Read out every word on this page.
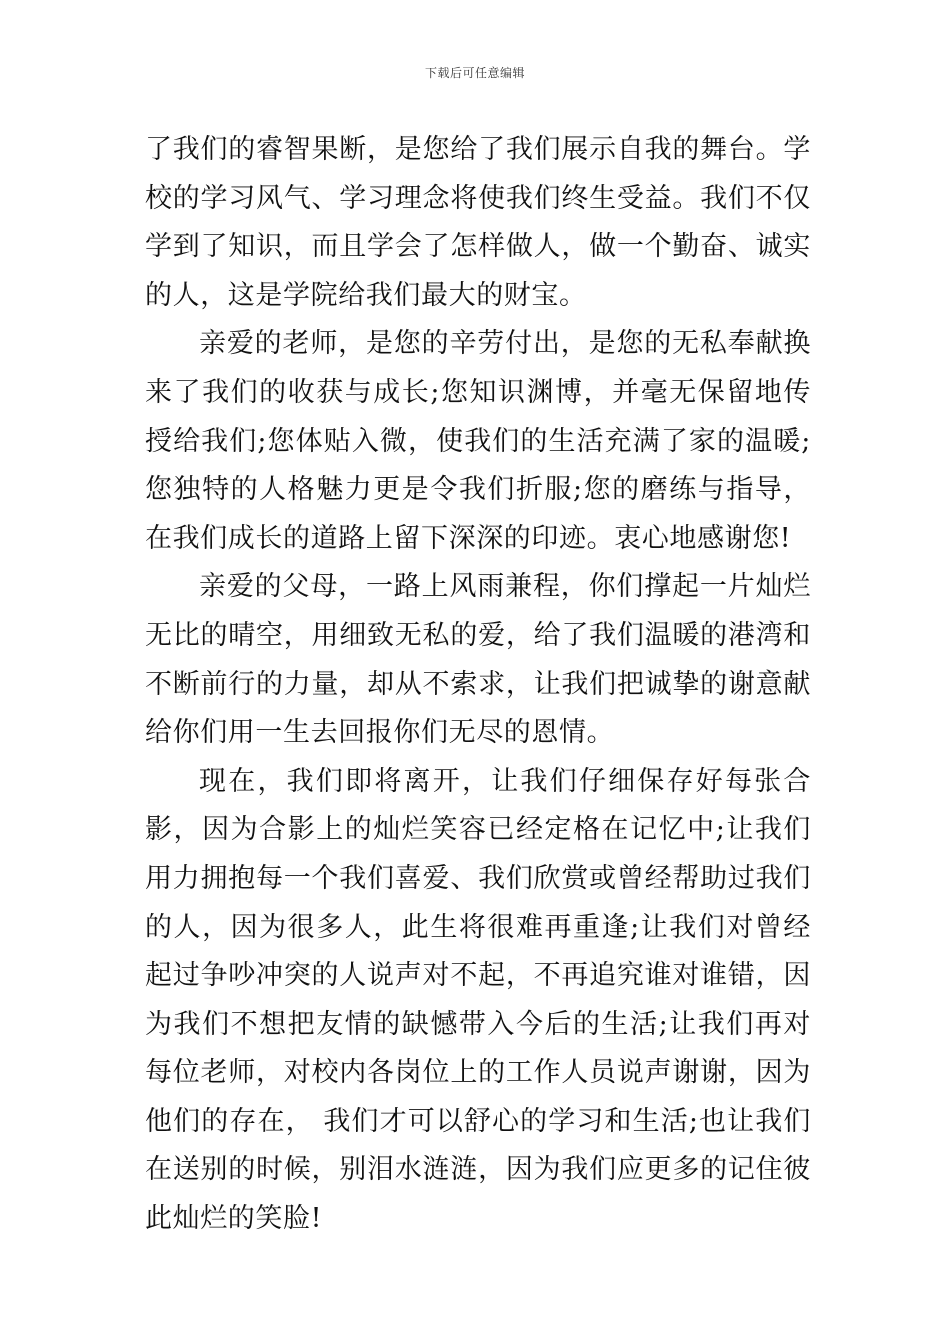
下载后可任意编辑

了我们的睿智果断，是您给了我们展示自我的舞台。学校的学习风气、学习理念将使我们终生受益。我们不仅学到了知识，而且学会了怎样做人，做一个勤奋、诚实的人，这是学院给我们最大的财宝。

亲爱的老师，是您的辛劳付出，是您的无私奉献换来了我们的收获与成长;您知识渊博，并毫无保留地传授给我们;您体贴入微，使我们的生活充满了家的温暖;您独特的人格魅力更是令我们折服;您的磨练与指导，在我们成长的道路上留下深深的印迹。衷心地感谢您!

亲爱的父母，一路上风雨兼程，你们撑起一片灿烂无比的晴空，用细致无私的爱，给了我们温暖的港湾和不断前行的力量，却从不索求，让我们把诚挚的谢意献给你们用一生去回报你们无尽的恩情。

现在，我们即将离开，让我们仔细保存好每张合影，因为合影上的灿烂笑容已经定格在记忆中;让我们用力拥抱每一个我们喜爱、我们欣赏或曾经帮助过我们的人，因为很多人，此生将很难再重逢;让我们对曾经起过争吵冲突的人说声对不起，不再追究谁对谁错，因为我们不想把友情的缺憾带入今后的生活;让我们再对每位老师，对校内各岗位上的工作人员说声谢谢，因为他们的存在， 我们才可以舒心的学习和生活;也让我们在送别的时候，别泪水涟涟，因为我们应更多的记住彼此灿烂的笑脸!
